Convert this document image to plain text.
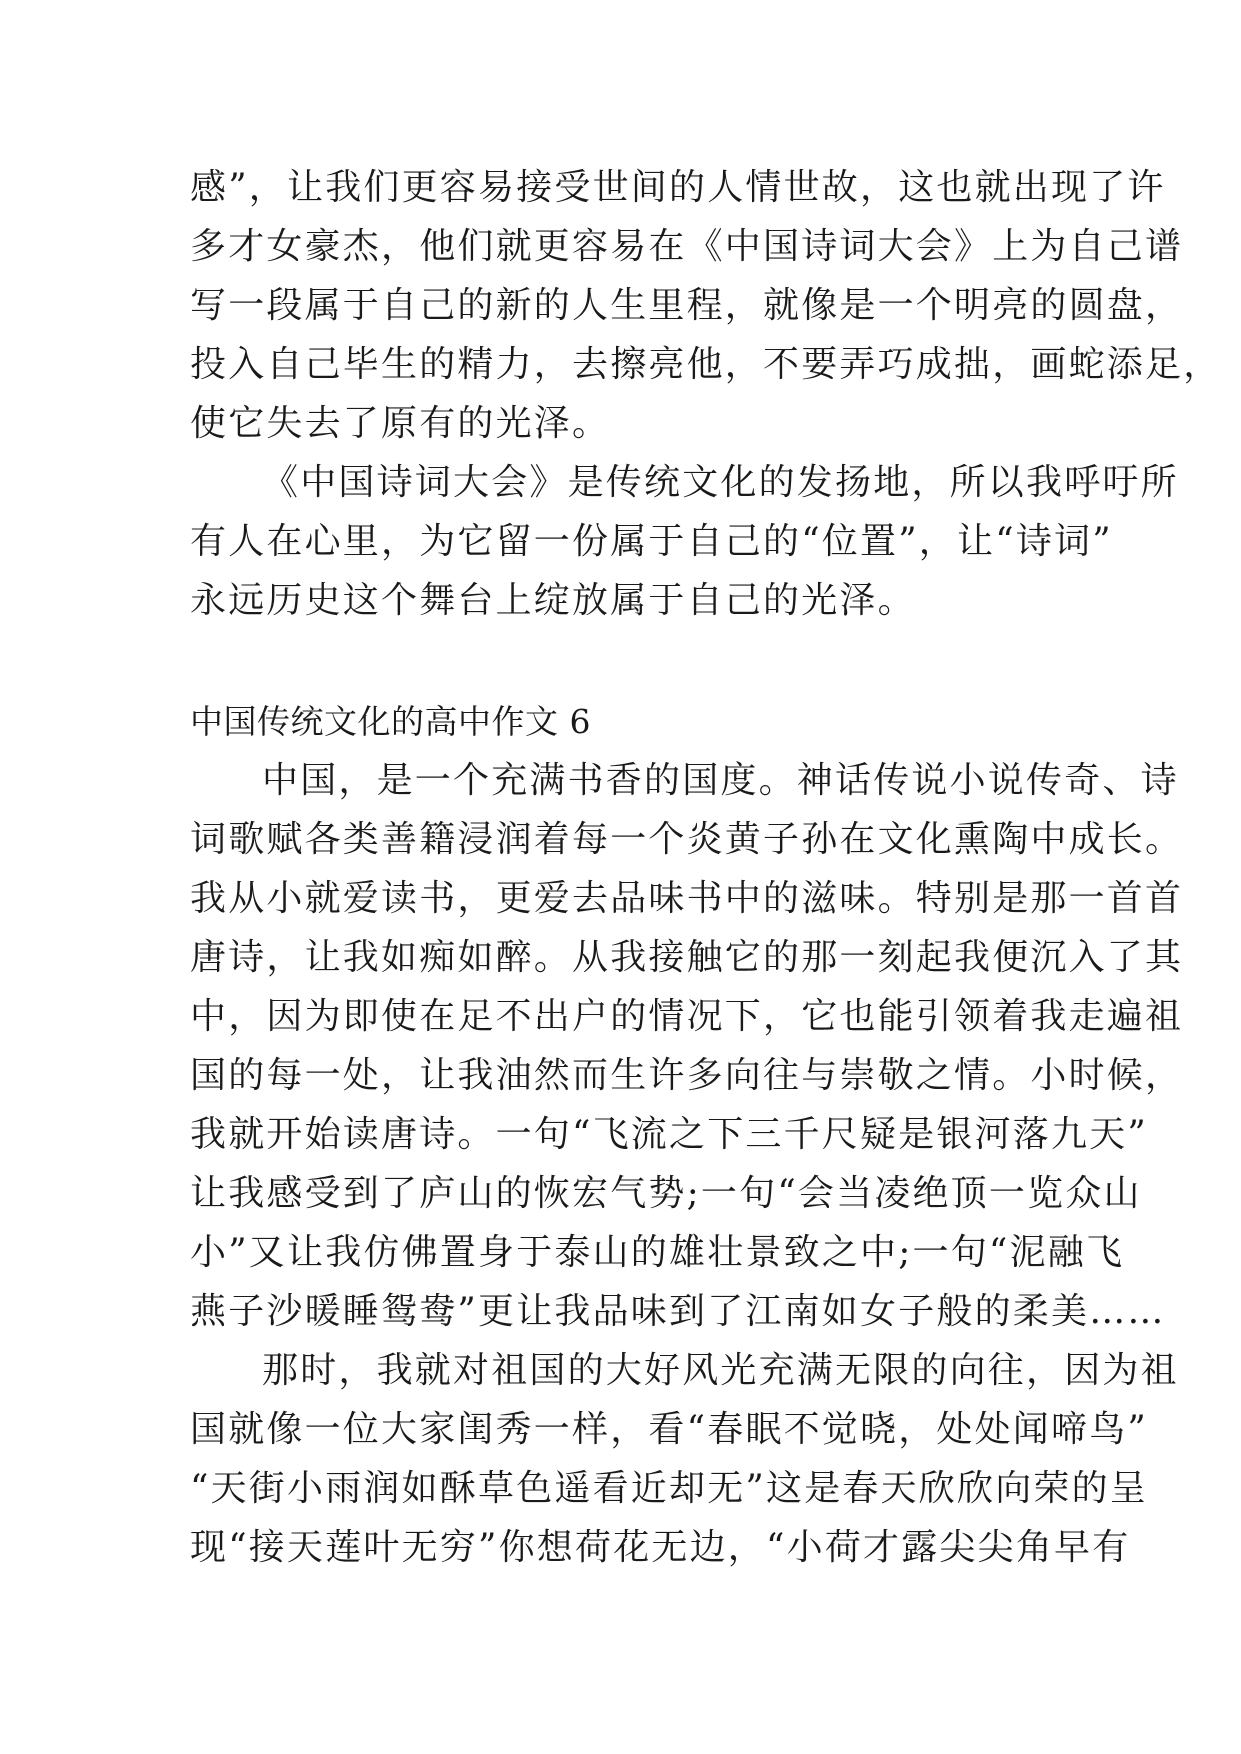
感”，让我们更容易接受世间的人情世故，这也就出现了许
多才女豪杰，他们就更容易在《中国诗词大会》上为自己谱
写一段属于自己的新的人生里程，就像是一个明亮的圆盘，
投入自己毕生的精力，去擦亮他，不要弄巧成拙，画蛇添足，
使它失去了原有的光泽。
《中国诗词大会》是传统文化的发扬地，所以我呼吁所
有人在心里，为它留一份属于自己的“位置”，让“诗词”
永远历史这个舞台上绽放属于自己的光泽。
中国传统文化的高中作文 6
中国，是一个充满书香的国度。神话传说小说传奇、诗
词歌赋各类善籍浸润着每一个炎黄子孙在文化熏陶中成长。
我从小就爱读书，更爱去品味书中的滋味。特别是那一首首
唐诗，让我如痴如醉。从我接触它的那一刻起我便沉入了其
中，因为即使在足不出户的情况下，它也能引领着我走遍祖
国的每一处，让我油然而生许多向往与崇敬之情。小时候，
我就开始读唐诗。一句“飞流之下三千尺疑是银河落九天”
让我感受到了庐山的恢宏气势;一句“会当凌绝顶一览众山
小”又让我仿佛置身于泰山的雄壮景致之中;一句“泥融飞
燕子沙暖睡鸳鸯”更让我品味到了江南如女子般的柔美……
那时，我就对祖国的大好风光充满无限的向往，因为祖
国就像一位大家闺秀一样，看“春眠不觉晓，处处闻啼鸟”
“天街小雨润如酥草色遥看近却无”这是春天欣欣向荣的呈
现“接天莲叶无穷”你想荷花无边，“小荷才露尖尖角早有
